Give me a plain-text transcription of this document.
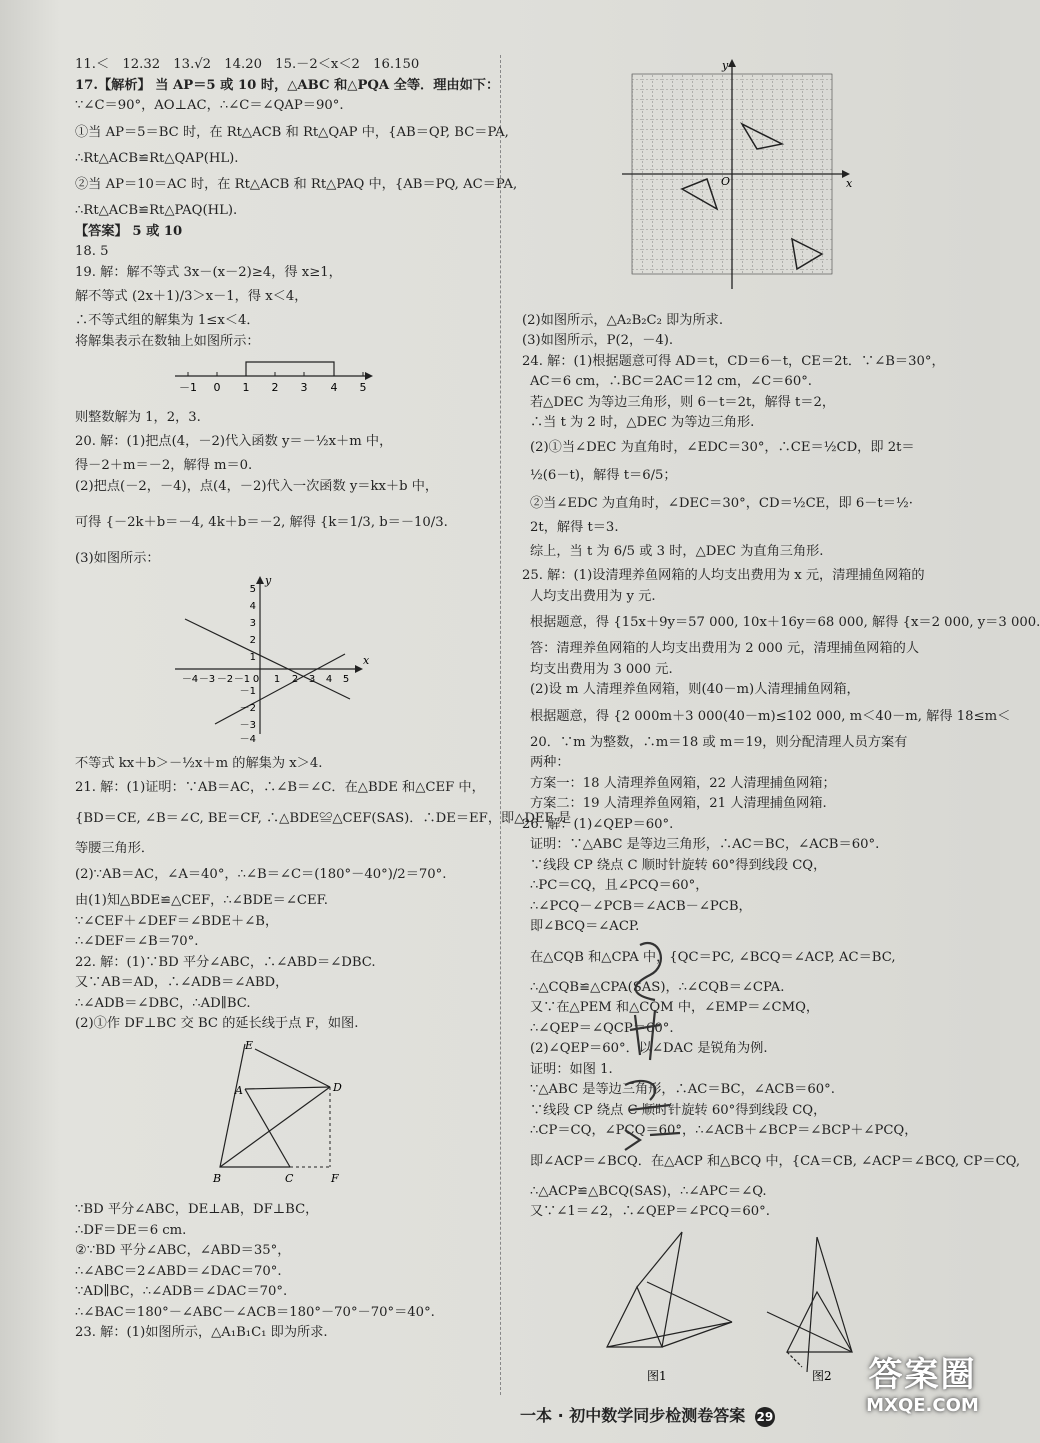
11.＜　12.32　13.√2　14.20　15.－2＜x＜2　16.150
17.【解析】 当 AP＝5 或 10 时，△ABC 和△PQA 全等．理由如下：
∵∠C＝90°，AO⊥AC，∴∠C＝∠QAP＝90°.
①当 AP＝5＝BC 时，在 Rt△ACB 和 Rt△QAP 中，{AB＝QP, BC＝PA,
∴Rt△ACB≌Rt△QAP(HL).
②当 AP＝10＝AC 时，在 Rt△ACB 和 Rt△PAQ 中，{AB＝PQ, AC＝PA,
∴Rt△ACB≌Rt△PAQ(HL).
【答案】 5 或 10
18. 5
19. 解：解不等式 3x－(x－2)≥4，得 x≥1，
解不等式 (2x＋1)/3＞x－1，得 x＜4，
∴不等式组的解集为 1≤x＜4．
将解集表示在数轴上如图所示：
－1 0 1 2 3 4 5
则整数解为 1，2，3.
20. 解：(1)把点(4，－2)代入函数 y＝－½x＋m 中，
得－2＋m＝－2，解得 m＝0.
(2)把点(－2，－4)，点(4，－2)代入一次函数 y＝kx＋b 中，
可得 {－2k＋b＝－4, 4k＋b＝－2, 解得 {k＝1/3, b＝－10/3.
(3)如图所示：
x
y
－4 －3 －2 －1 0 1 2 3 4 5
5
4
3
2
1
－1
－2
－3
－4
不等式 kx＋b＞－½x＋m 的解集为 x＞4.
21. 解：(1)证明：∵AB＝AC，∴∠B＝∠C．在△BDE 和△CEF 中，
{BD＝CE, ∠B＝∠C, BE＝CF, ∴△BDE≌△CEF(SAS)．∴DE＝EF，即△DEF 是
等腰三角形．
(2)∵AB＝AC，∠A＝40°，∴∠B＝∠C＝(180°－40°)/2＝70°.
由(1)知△BDE≌△CEF，∴∠BDE＝∠CEF.
∵∠CEF＋∠DEF＝∠BDE＋∠B，
∴∠DEF＝∠B＝70°.
22. 解：(1)∵BD 平分∠ABC，∴∠ABD＝∠DBC.
又∵AB＝AD，∴∠ADB＝∠ABD，
∴∠ADB＝∠DBC，∴AD∥BC.
(2)①作 DF⊥BC 交 BC 的延长线于点 F，如图.
E
A	D
B	C	F
∵BD 平分∠ABC，DE⊥AB，DF⊥BC，
∴DF＝DE＝6 cm.
②∵BD 平分∠ABC，∠ABD＝35°，
∴∠ABC＝2∠ABD＝∠DAC＝70°.
∵AD∥BC，∴∠ADB＝∠DAC＝70°.
∴∠BAC＝180°－∠ABC－∠ACB＝180°－70°－70°＝40°.
23. 解：(1)如图所示，△A₁B₁C₁ 即为所求.
x
y
O
(2)如图所示，△A₂B₂C₂ 即为所求.
(3)如图所示，P(2，－4).
24. 解：(1)根据题意可得 AD＝t，CD＝6－t，CE＝2t．∵∠B＝30°，
AC＝6 cm，∴BC＝2AC＝12 cm，∠C＝60°.
若△DEC 为等边三角形，则 6－t＝2t，解得 t＝2，
∴当 t 为 2 时，△DEC 为等边三角形.
(2)①当∠DEC 为直角时，∠EDC＝30°，∴CE＝½CD，即 2t＝
½(6－t)，解得 t＝6/5；
②当∠EDC 为直角时，∠DEC＝30°，CD＝½CE，即 6－t＝½·
2t，解得 t＝3.
综上，当 t 为 6/5 或 3 时，△DEC 为直角三角形.
25. 解：(1)设清理养鱼网箱的人均支出费用为 x 元，清理捕鱼网箱的
人均支出费用为 y 元.
根据题意，得 {15x＋9y＝57 000, 10x＋16y＝68 000, 解得 {x＝2 000, y＝3 000.
答：清理养鱼网箱的人均支出费用为 2 000 元，清理捕鱼网箱的人
均支出费用为 3 000 元.
(2)设 m 人清理养鱼网箱，则(40－m)人清理捕鱼网箱，
根据题意，得 {2 000m＋3 000(40－m)≤102 000, m＜40－m, 解得 18≤m＜
20．∵m 为整数，∴m＝18 或 m＝19，则分配清理人员方案有
两种：
方案一：18 人清理养鱼网箱，22 人清理捕鱼网箱；
方案二：19 人清理养鱼网箱，21 人清理捕鱼网箱.
26. 解：(1)∠QEP＝60°.
证明：∵△ABC 是等边三角形，∴AC＝BC，∠ACB＝60°.
∵线段 CP 绕点 C 顺时针旋转 60°得到线段 CQ，
∴PC＝CQ，且∠PCQ＝60°，
∴∠PCQ－∠PCB＝∠ACB－∠PCB，
即∠BCQ＝∠ACP.
在△CQB 和△CPA 中，{QC＝PC, ∠BCQ＝∠ACP, AC＝BC,
∴△CQB≌△CPA(SAS)，∴∠CQB＝∠CPA.
又∵在△PEM 和△CQM 中，∠EMP＝∠CMQ，
∴∠QEP＝∠QCP＝60°.
(2)∠QEP＝60°．以∠DAC 是锐角为例.
证明：如图 1.
∵△ABC 是等边三角形，∴AC＝BC，∠ACB＝60°.
∵线段 CP 绕点 C 顺时针旋转 60°得到线段 CQ，
∴CP＝CQ，∠PCQ＝60°，∴∠ACB＋∠BCP＝∠BCP＋∠PCQ，
即∠ACP＝∠BCQ．在△ACP 和△BCQ 中，{CA＝CB, ∠ACP＝∠BCQ, CP＝CQ,
∴△ACP≌△BCQ(SAS)，∴∠APC＝∠Q.
又∵∠1＝∠2，∴∠QEP＝∠PCQ＝60°.
图1	图2
一本 · 初中数学同步检测卷答案 29
答案圈
MXQE.COM
